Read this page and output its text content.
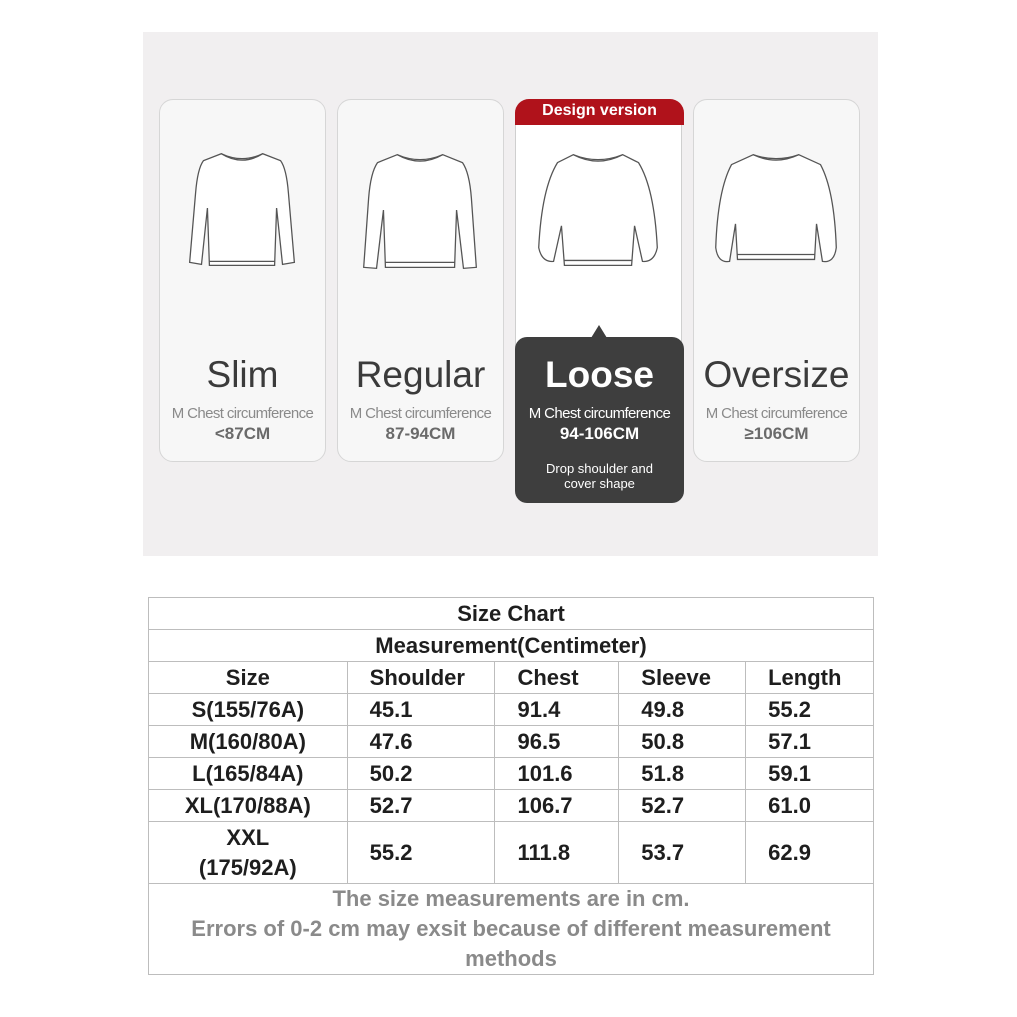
Slim
M Chest circumference
<87CM
Regular
M Chest circumference
87-94CM
Design version
Loose
M Chest circumference
94-106CM
Drop shoulder and cover shape
Oversize
M Chest circumference
≥106CM
Size Chart				
Measurement(Centimeter)				
Size	Shoulder	Chest	Sleeve	Length
S(155/76A)	45.1	91.4	49.8	55.2
M(160/80A)	47.6	96.5	50.8	57.1
L(165/84A)	50.2	101.6	51.8	59.1
XL(170/88A)	52.7	106.7	52.7	61.0
XXL (175/92A)	55.2	111.8	53.7	62.9

The size measurements are in cm.
Errors of 0-2 cm may exsit because of different measurement methods				
